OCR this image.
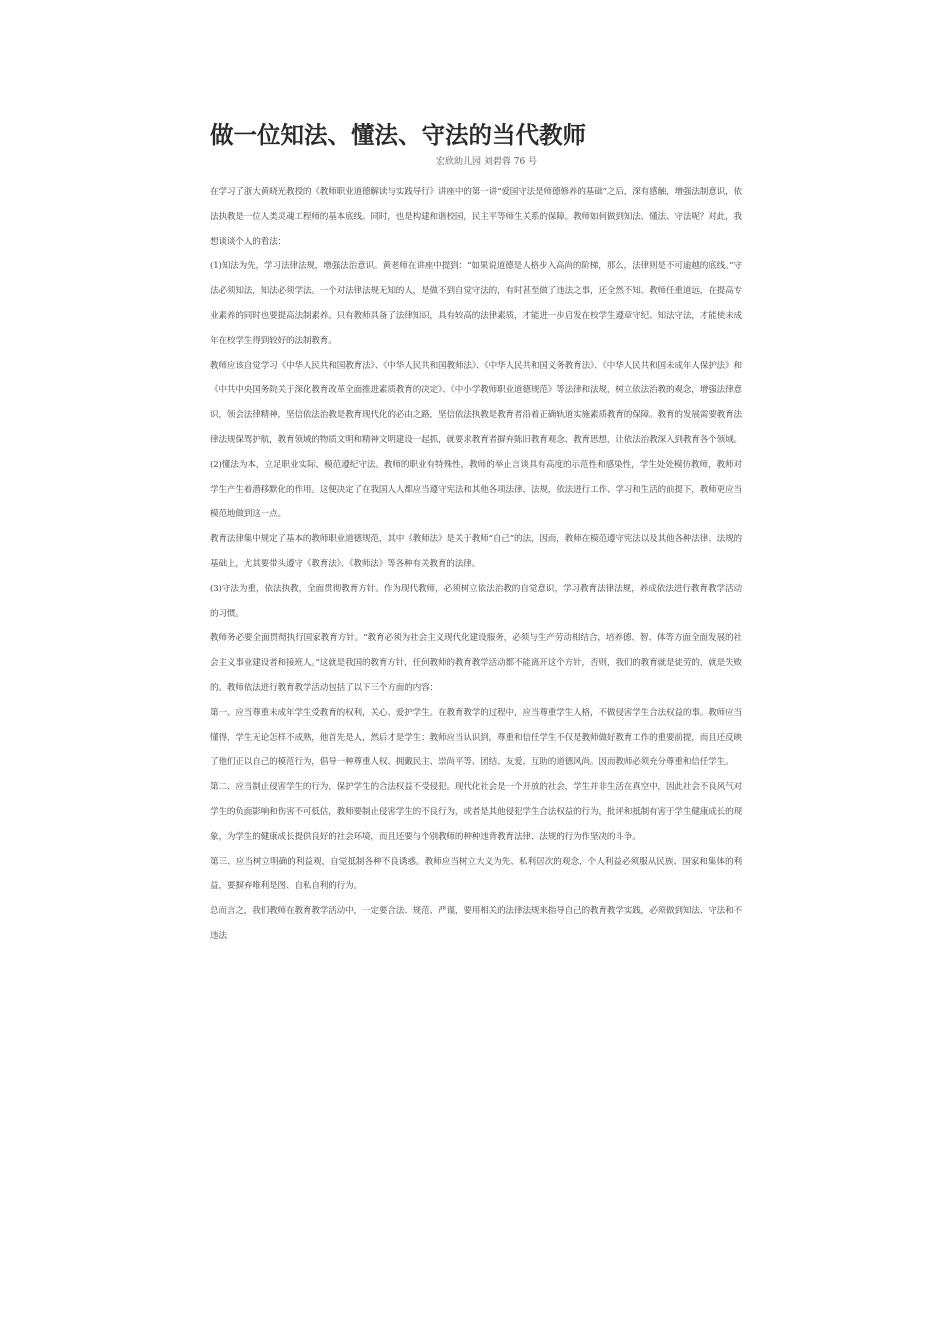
做一位知法、懂法、守法的当代教师
宏欣幼儿园 刘碧蓉 76 号

在学习了浙大黄晓光教授的《教师职业道德解读与实践导行》讲座中的第一讲“爱国守法是师德修养的基础”之后，深有感触，增强法制意识，依法执教是一位人类灵魂工程师的基本底线。同时，也是构建和谐校园，民主平等师生关系的保障。教师如何做到知法、懂法、守法呢？对此，我想谈谈个人的看法：

(1)知法为先，学习法律法规，增强法治意识。黄老师在讲座中提到：“如果说道德是人格步入高尚的阶梯，那么，法律则是不可逾越的底线。”守法必须知法，知法必须学法。一个对法律法规无知的人，是做不到自觉守法的，有时甚至做了违法之事，还全然不知。教师任重道远，在提高专业素养的同时也要提高法制素养。只有教师具备了法律知识，具有较高的法律素质，才能进一步启发在校学生遵章守纪、知法守法，才能使未成年在校学生得到较好的法制教育。

教师应该自觉学习《中华人民共和国教育法》、《中华人民共和国教师法》、《中华人民共和国义务教育法》、《中华人民共和国未成年人保护法》和《中共中央国务院关于深化教育改革全面推进素质教育的决定》、《中小学教师职业道德规范》等法律和法规，树立依法治教的观念，增强法律意识，领会法律精神，坚信依法治教是教育现代化的必由之路，坚信依法执教是教育者沿着正确轨道实施素质教育的保障。教育的发展需要教育法律法规保驾护航，教育领域的物质文明和精神文明建设一起抓，就要求教育者摒弃陈旧教育观念、教育思想，让依法治教深入到教育各个领域。

(2)懂法为本，立足职业实际，模范遵纪守法。教师的职业有特殊性，教师的举止言谈具有高度的示范性和感染性，学生处处模仿教师，教师对学生产生着潜移默化的作用。这便决定了在我国人人都应当遵守宪法和其他各项法律、法规，依法进行工作、学习和生活的前提下，教师更应当模范地做到这一点。

教育法律集中规定了基本的教师职业道德规范，其中《教师法》是关于教师“自己”的法，因而，教师在模范遵守宪法以及其他各种法律、法规的基础上，尤其要带头遵守《教育法》、《教师法》等各种有关教育的法律。

(3)守法为重，依法执教，全面贯彻教育方针。作为现代教师，必须树立依法治教的自觉意识，学习教育法律法规，养成依法进行教育教学活动的习惯。

教师务必要全面贯彻执行国家教育方针。“教育必须为社会主义现代化建设服务，必须与生产劳动相结合，培养德、智、体等方面全面发展的社会主义事业建设者和接班人。”这就是我国的教育方针，任何教师的教育教学活动都不能离开这个方针，否则，我们的教育就是徒劳的，就是失败的。教师依法进行教育教学活动包括了以下三个方面的内容：

第一、应当尊重未成年学生受教育的权利，关心、爱护学生。在教育教学的过程中，应当尊重学生人格，不做侵害学生合法权益的事。教师应当懂得，学生无论怎样不成熟，他首先是人，然后才是学生；教师应当认识到，尊重和信任学生不仅是教师做好教育工作的重要前提，而且还反映了他们正以自己的模范行为，倡导一种尊重人权、拥戴民主、崇尚平等、团结、友爱、互助的道德风尚。因而教师必须充分尊重和信任学生。

第二、应当制止侵害学生的行为，保护学生的合法权益不受侵犯。现代化社会是一个开放的社会，学生并非生活在真空中，因此社会不良风气对学生的负面影响和伤害不可低估，教师要制止侵害学生的不良行为，或者是其他侵犯学生合法权益的行为，批评和抵制有害于学生健康成长的现象，为学生的健康成长提供良好的社会环境，而且还要与个别教师的种种违背教育法律、法规的行为作坚决的斗争。

第三、应当树立明确的利益观，自觉抵制各种不良诱惑。教师应当树立大义为先、私利居次的观念，个人利益必须服从民族、国家和集体的利益，要摒弃唯利是图、自私自利的行为。

总而言之，我们教师在教育教学活动中，一定要合法、规范、严谨，要用相关的法律法规来指导自己的教育教学实践，必须做到知法、守法和不违法
